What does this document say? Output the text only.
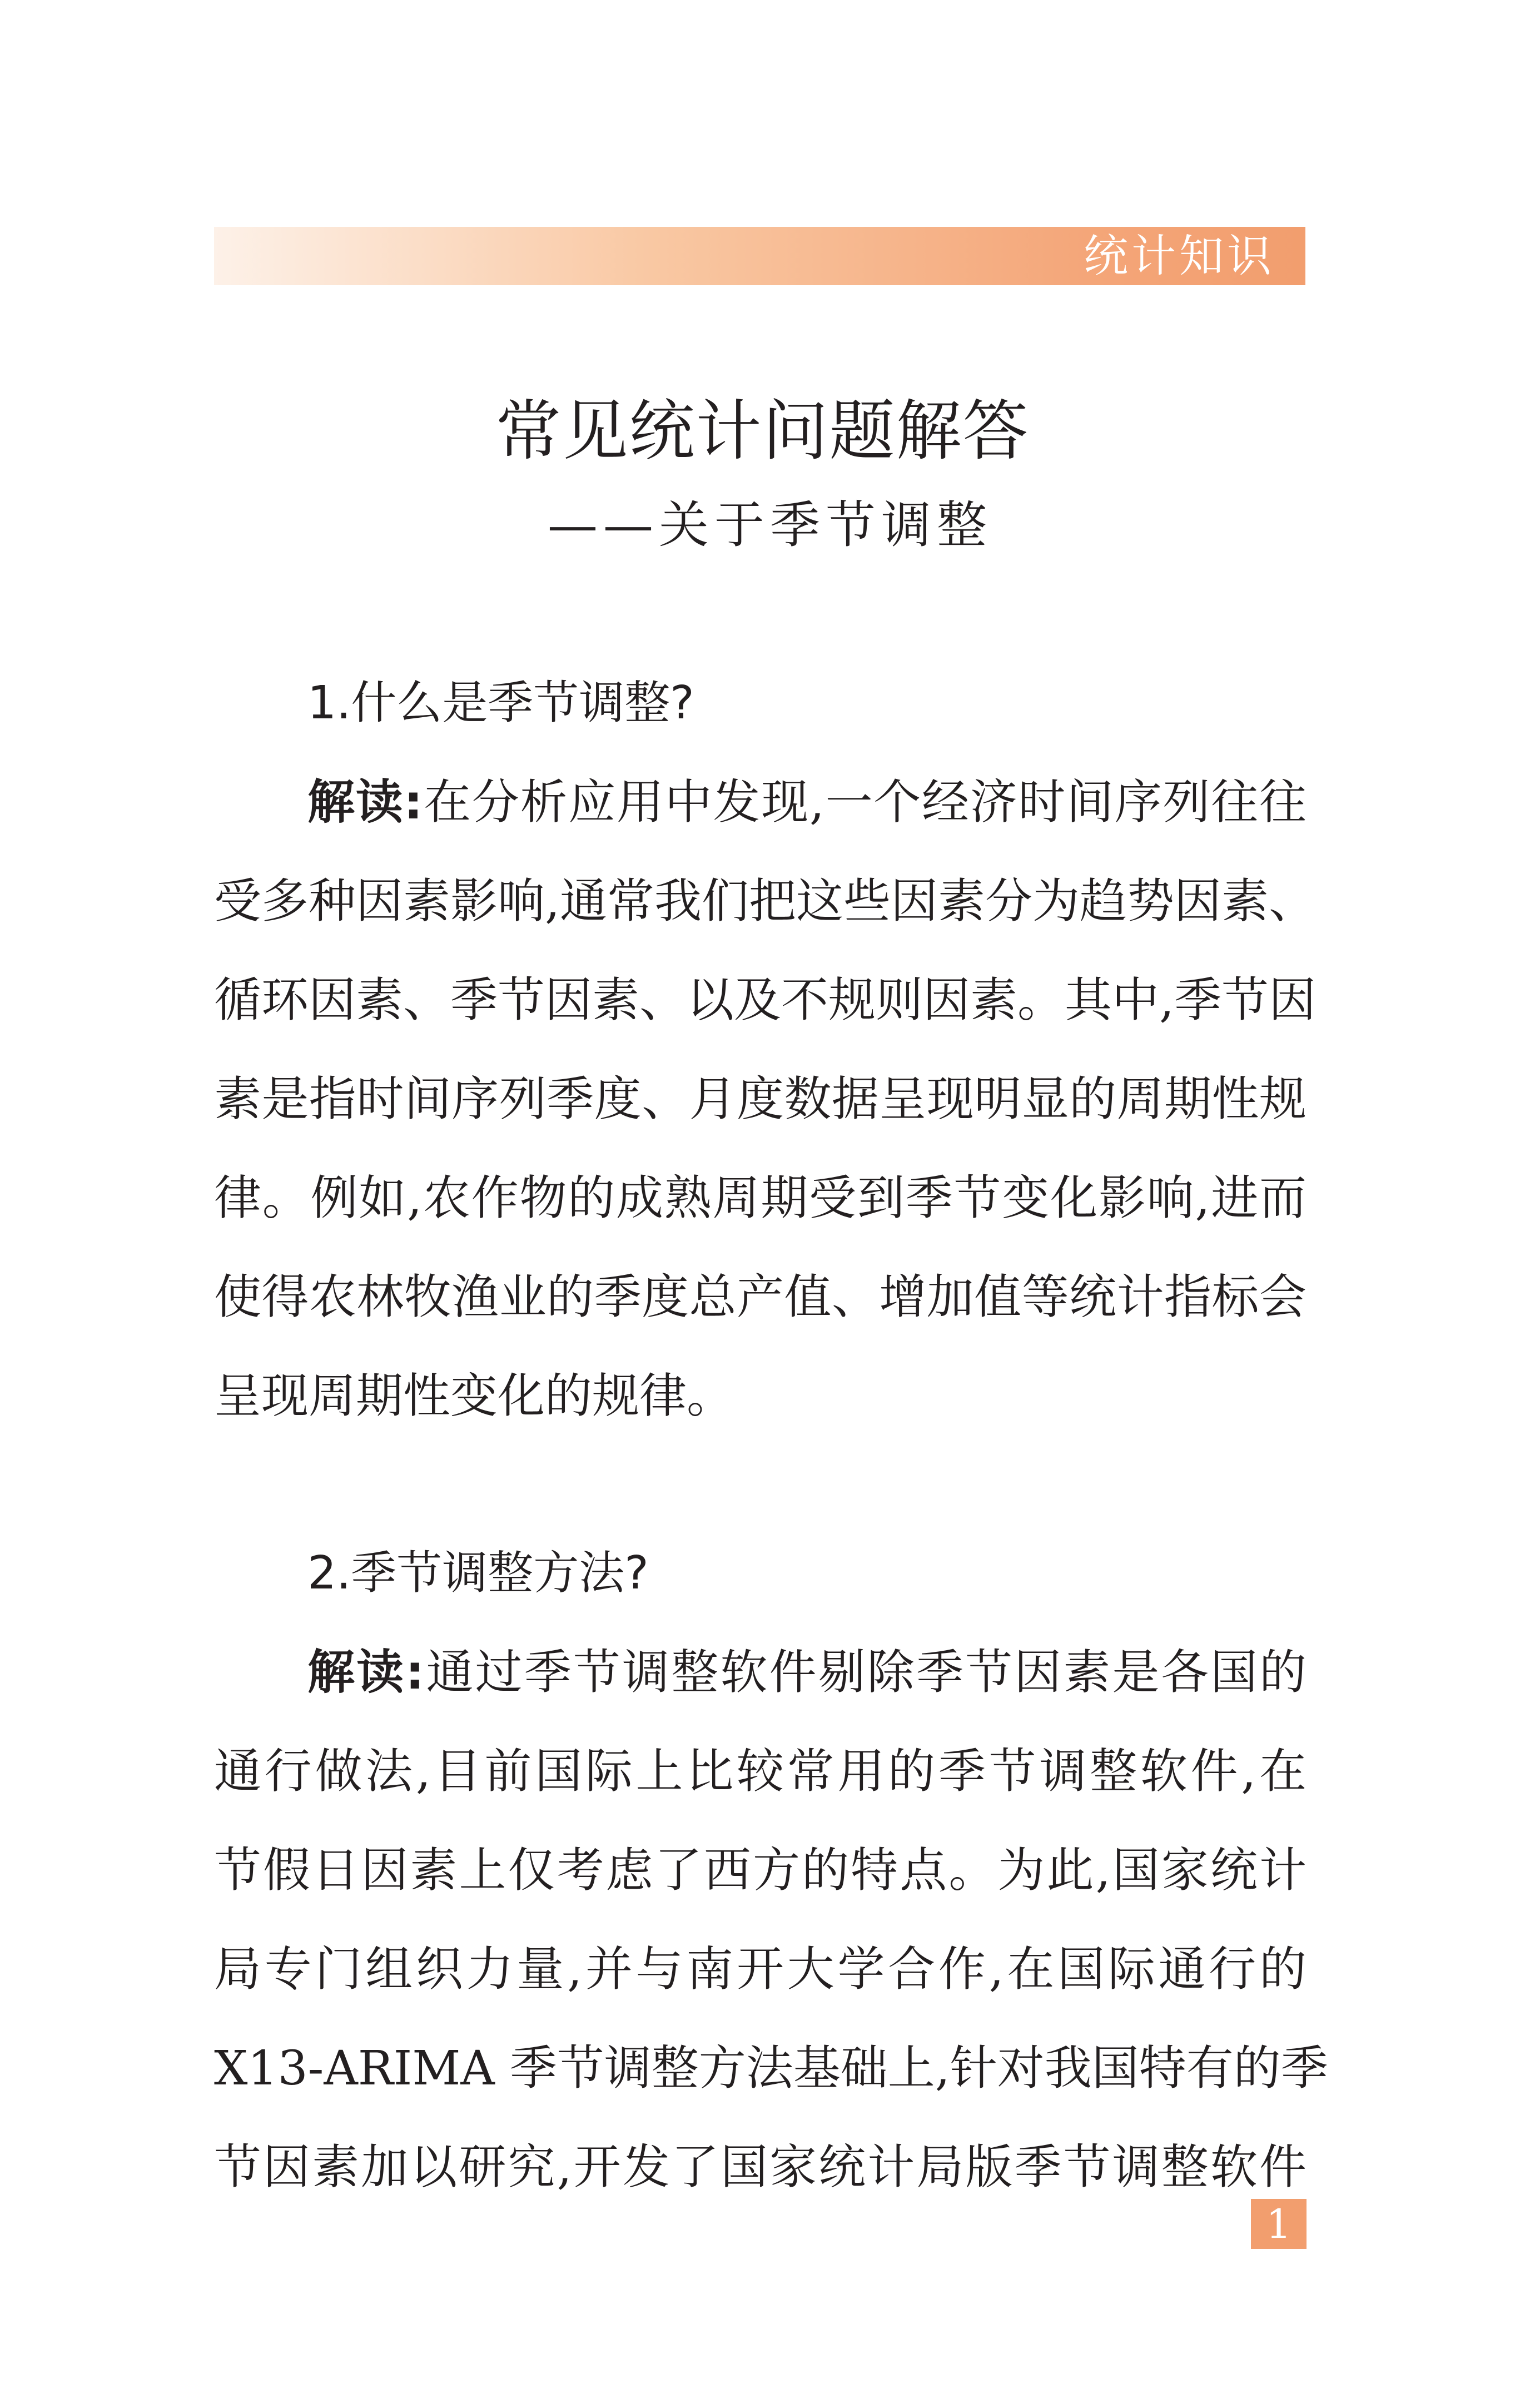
统计知识
常见统计问题解答
——关于季节调整
1.什么是季节调整?
解读:在分析应用中发现,一个经济时间序列往往
受多种因素影响,通常我们把这些因素分为趋势因素、
循环因素、季节因素、以及不规则因素。其中,季节因
素是指时间序列季度、月度数据呈现明显的周期性规
律。例如,农作物的成熟周期受到季节变化影响,进而
使得农林牧渔业的季度总产值、增加值等统计指标会
呈现周期性变化的规律。
2.季节调整方法?
解读:通过季节调整软件剔除季节因素是各国的
通行做法,目前国际上比较常用的季节调整软件,在
节假日因素上仅考虑了西方的特点。为此,国家统计
局专门组织力量,并与南开大学合作,在国际通行的
X13-ARIMA 季节调整方法基础上,针对我国特有的季
节因素加以研究,开发了国家统计局版季节调整软件
1
